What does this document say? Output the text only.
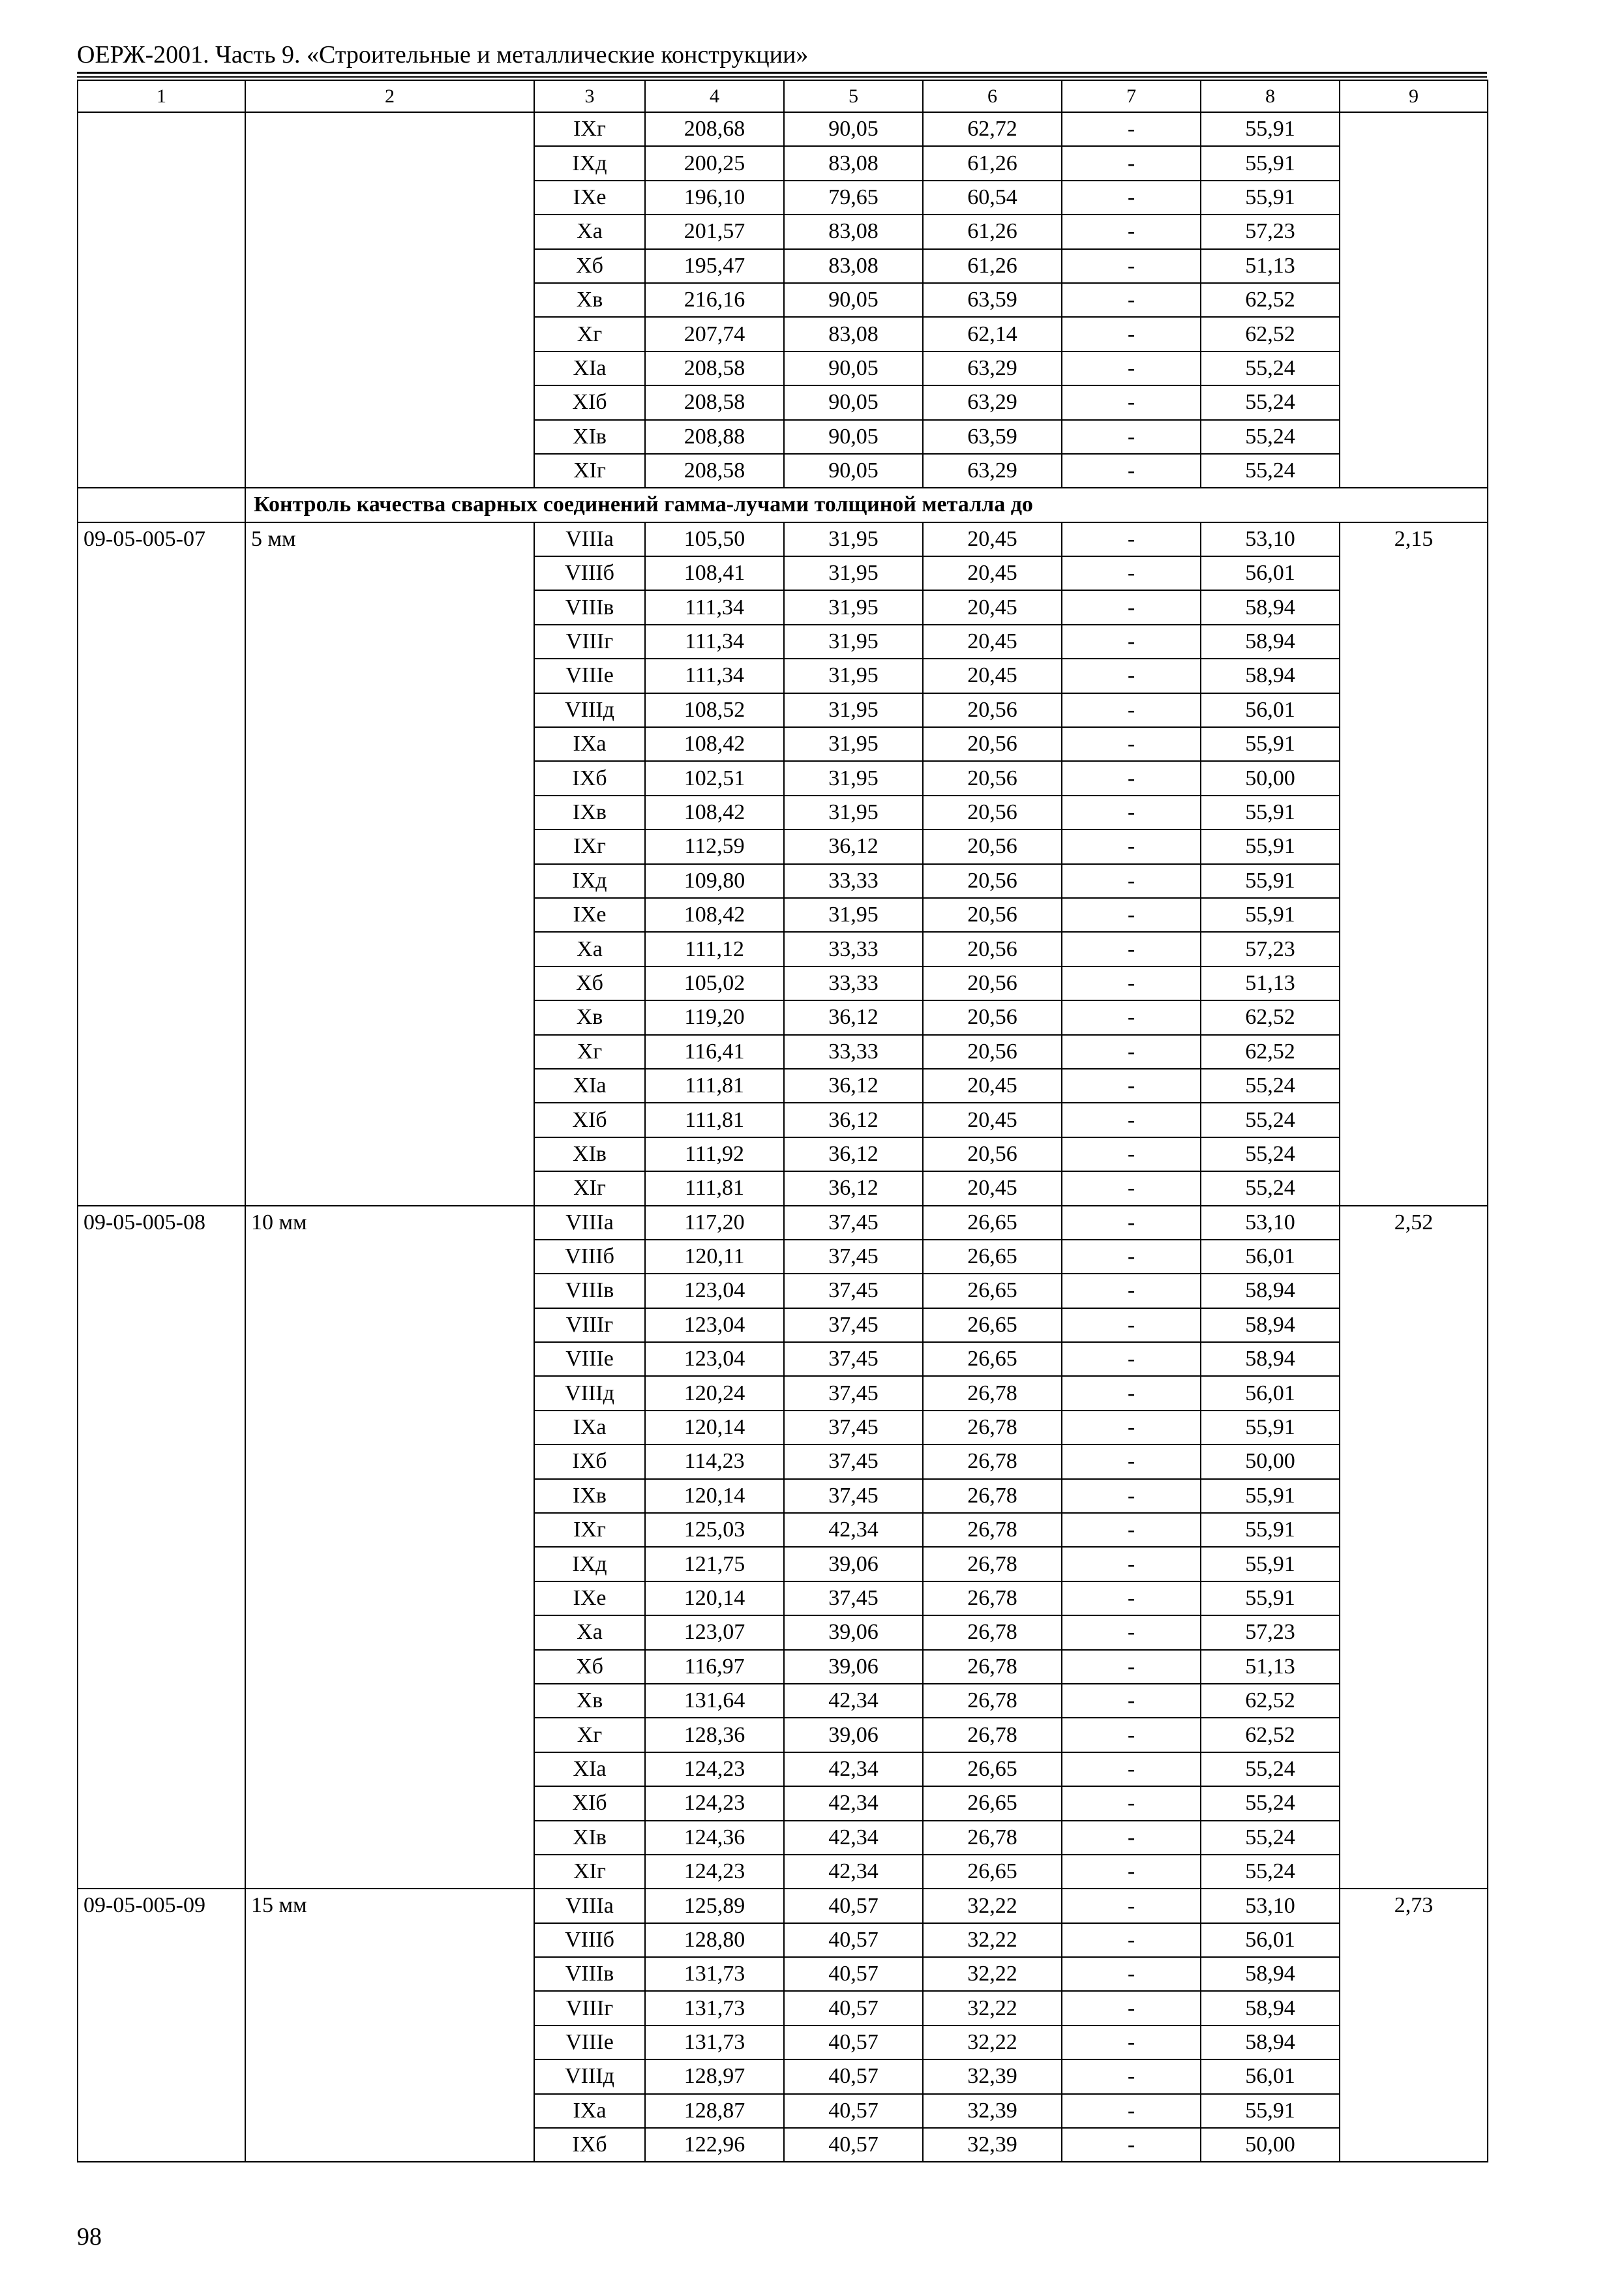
ОЕРЖ-2001. Часть 9. «Строительные и металлические конструкции»
1	2	3	4	5	6	7	8	9
		IXг	208,68	90,05	62,72	-	55,91	
		IXд	200,25	83,08	61,26	-	55,91	
		IXe	196,10	79,65	60,54	-	55,91	
		Xa	201,57	83,08	61,26	-	57,23	
		Xб	195,47	83,08	61,26	-	51,13	
		Xв	216,16	90,05	63,59	-	62,52	
		Xг	207,74	83,08	62,14	-	62,52	
		XIa	208,58	90,05	63,29	-	55,24	
		XIб	208,58	90,05	63,29	-	55,24	
		XIв	208,88	90,05	63,59	-	55,24	
		XIг	208,58	90,05	63,29	-	55,24	
	Контроль качества сварных соединений гамма-лучами толщиной металла до							
09-05-005-07	5 мм	VIIIa	105,50	31,95	20,45	-	53,10	2,15
		VIIIб	108,41	31,95	20,45	-	56,01	
		VIIIв	111,34	31,95	20,45	-	58,94	
		VIIIг	111,34	31,95	20,45	-	58,94	
		VIIIe	111,34	31,95	20,45	-	58,94	
		VIIIд	108,52	31,95	20,56	-	56,01	
		IXa	108,42	31,95	20,56	-	55,91	
		IXб	102,51	31,95	20,56	-	50,00	
		IXв	108,42	31,95	20,56	-	55,91	
		IXг	112,59	36,12	20,56	-	55,91	
		IXд	109,80	33,33	20,56	-	55,91	
		IXe	108,42	31,95	20,56	-	55,91	
		Xa	111,12	33,33	20,56	-	57,23	
		Xб	105,02	33,33	20,56	-	51,13	
		Xв	119,20	36,12	20,56	-	62,52	
		Xг	116,41	33,33	20,56	-	62,52	
		XIa	111,81	36,12	20,45	-	55,24	
		XIб	111,81	36,12	20,45	-	55,24	
		XIв	111,92	36,12	20,56	-	55,24	
		XIг	111,81	36,12	20,45	-	55,24	
09-05-005-08	10 мм	VIIIa	117,20	37,45	26,65	-	53,10	2,52
		VIIIб	120,11	37,45	26,65	-	56,01	
		VIIIв	123,04	37,45	26,65	-	58,94	
		VIIIг	123,04	37,45	26,65	-	58,94	
		VIIIe	123,04	37,45	26,65	-	58,94	
		VIIIд	120,24	37,45	26,78	-	56,01	
		IXa	120,14	37,45	26,78	-	55,91	
		IXб	114,23	37,45	26,78	-	50,00	
		IXв	120,14	37,45	26,78	-	55,91	
		IXг	125,03	42,34	26,78	-	55,91	
		IXд	121,75	39,06	26,78	-	55,91	
		IXe	120,14	37,45	26,78	-	55,91	
		Xa	123,07	39,06	26,78	-	57,23	
		Xб	116,97	39,06	26,78	-	51,13	
		Xв	131,64	42,34	26,78	-	62,52	
		Xг	128,36	39,06	26,78	-	62,52	
		XIa	124,23	42,34	26,65	-	55,24	
		XIб	124,23	42,34	26,65	-	55,24	
		XIв	124,36	42,34	26,78	-	55,24	
		XIг	124,23	42,34	26,65	-	55,24	
09-05-005-09	15 мм	VIIIa	125,89	40,57	32,22	-	53,10	2,73
		VIIIб	128,80	40,57	32,22	-	56,01	
		VIIIв	131,73	40,57	32,22	-	58,94	
		VIIIг	131,73	40,57	32,22	-	58,94	
		VIIIe	131,73	40,57	32,22	-	58,94	
		VIIIд	128,97	40,57	32,39	-	56,01	
		IXa	128,87	40,57	32,39	-	55,91	
		IXб	122,96	40,57	32,39	-	50,00	
98
